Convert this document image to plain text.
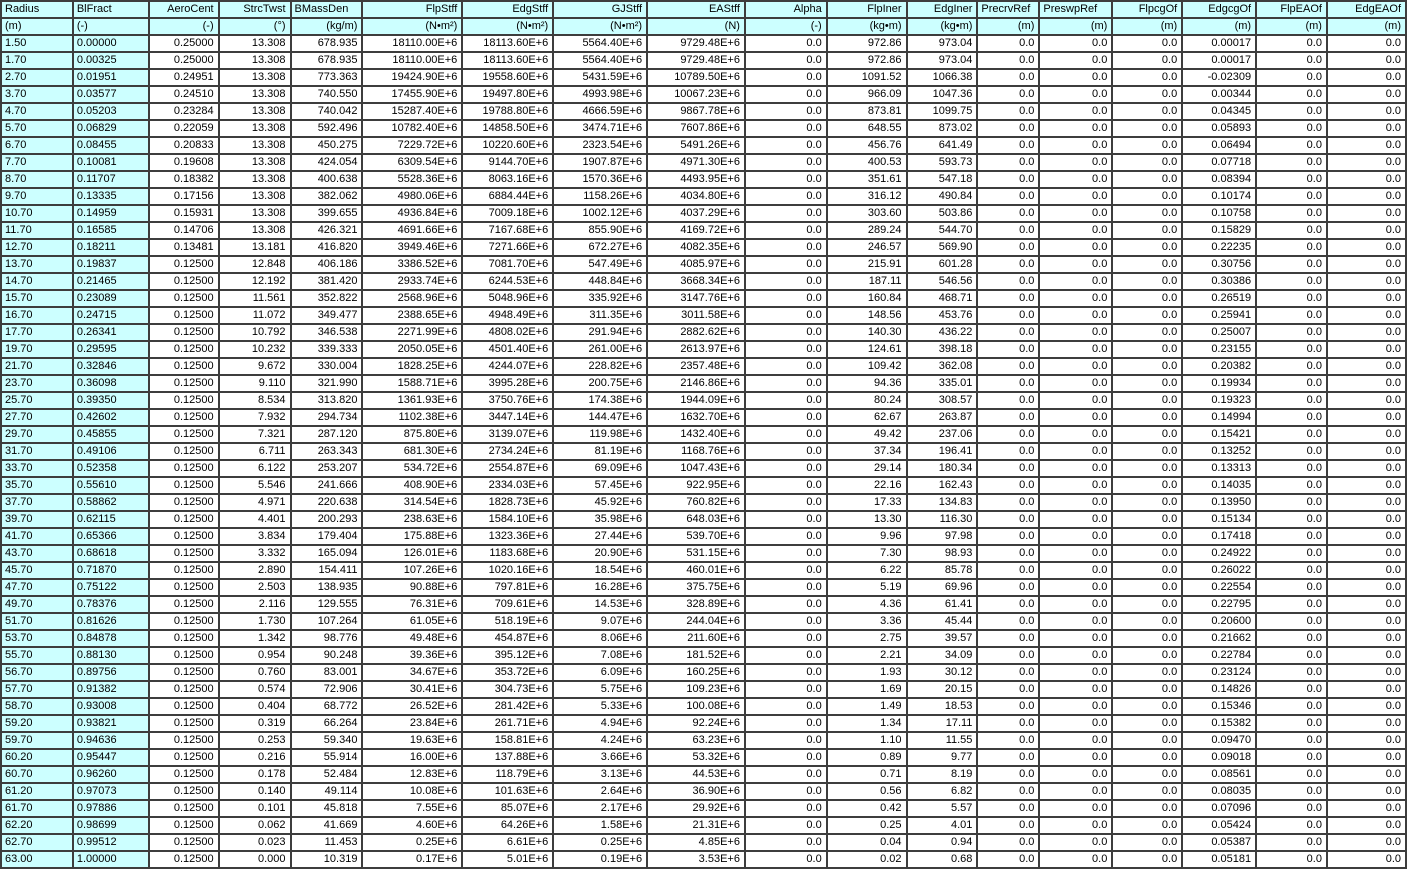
Radius	BlFract	AeroCent	StrcTwst	BMassDen	FlpStff	EdgStff	GJStff	EAStff	Alpha	FlpIner	EdgIner	PrecrvRef	PreswpRef	FlpcgOf	EdgcgOf	FlpEAOf	EdgEAOf
(m)	(-)	(-)	(°)	(kg/m)	(N•m²)	(N•m²)	(N•m²)	(N)	(-)	(kg•m)	(kg•m)	(m)	(m)	(m)	(m)	(m)	(m)
1.50	0.00000	0.25000	13.308	678.935	18110.00E+6	18113.60E+6	5564.40E+6	9729.48E+6	0.0	972.86	973.04	0.0	0.0	0.0	0.00017	0.0	0.0
1.70	0.00325	0.25000	13.308	678.935	18110.00E+6	18113.60E+6	5564.40E+6	9729.48E+6	0.0	972.86	973.04	0.0	0.0	0.0	0.00017	0.0	0.0
2.70	0.01951	0.24951	13.308	773.363	19424.90E+6	19558.60E+6	5431.59E+6	10789.50E+6	0.0	1091.52	1066.38	0.0	0.0	0.0	-0.02309	0.0	0.0
3.70	0.03577	0.24510	13.308	740.550	17455.90E+6	19497.80E+6	4993.98E+6	10067.23E+6	0.0	966.09	1047.36	0.0	0.0	0.0	0.00344	0.0	0.0
4.70	0.05203	0.23284	13.308	740.042	15287.40E+6	19788.80E+6	4666.59E+6	9867.78E+6	0.0	873.81	1099.75	0.0	0.0	0.0	0.04345	0.0	0.0
5.70	0.06829	0.22059	13.308	592.496	10782.40E+6	14858.50E+6	3474.71E+6	7607.86E+6	0.0	648.55	873.02	0.0	0.0	0.0	0.05893	0.0	0.0
6.70	0.08455	0.20833	13.308	450.275	7229.72E+6	10220.60E+6	2323.54E+6	5491.26E+6	0.0	456.76	641.49	0.0	0.0	0.0	0.06494	0.0	0.0
7.70	0.10081	0.19608	13.308	424.054	6309.54E+6	9144.70E+6	1907.87E+6	4971.30E+6	0.0	400.53	593.73	0.0	0.0	0.0	0.07718	0.0	0.0
8.70	0.11707	0.18382	13.308	400.638	5528.36E+6	8063.16E+6	1570.36E+6	4493.95E+6	0.0	351.61	547.18	0.0	0.0	0.0	0.08394	0.0	0.0
9.70	0.13335	0.17156	13.308	382.062	4980.06E+6	6884.44E+6	1158.26E+6	4034.80E+6	0.0	316.12	490.84	0.0	0.0	0.0	0.10174	0.0	0.0
10.70	0.14959	0.15931	13.308	399.655	4936.84E+6	7009.18E+6	1002.12E+6	4037.29E+6	0.0	303.60	503.86	0.0	0.0	0.0	0.10758	0.0	0.0
11.70	0.16585	0.14706	13.308	426.321	4691.66E+6	7167.68E+6	855.90E+6	4169.72E+6	0.0	289.24	544.70	0.0	0.0	0.0	0.15829	0.0	0.0
12.70	0.18211	0.13481	13.181	416.820	3949.46E+6	7271.66E+6	672.27E+6	4082.35E+6	0.0	246.57	569.90	0.0	0.0	0.0	0.22235	0.0	0.0
13.70	0.19837	0.12500	12.848	406.186	3386.52E+6	7081.70E+6	547.49E+6	4085.97E+6	0.0	215.91	601.28	0.0	0.0	0.0	0.30756	0.0	0.0
14.70	0.21465	0.12500	12.192	381.420	2933.74E+6	6244.53E+6	448.84E+6	3668.34E+6	0.0	187.11	546.56	0.0	0.0	0.0	0.30386	0.0	0.0
15.70	0.23089	0.12500	11.561	352.822	2568.96E+6	5048.96E+6	335.92E+6	3147.76E+6	0.0	160.84	468.71	0.0	0.0	0.0	0.26519	0.0	0.0
16.70	0.24715	0.12500	11.072	349.477	2388.65E+6	4948.49E+6	311.35E+6	3011.58E+6	0.0	148.56	453.76	0.0	0.0	0.0	0.25941	0.0	0.0
17.70	0.26341	0.12500	10.792	346.538	2271.99E+6	4808.02E+6	291.94E+6	2882.62E+6	0.0	140.30	436.22	0.0	0.0	0.0	0.25007	0.0	0.0
19.70	0.29595	0.12500	10.232	339.333	2050.05E+6	4501.40E+6	261.00E+6	2613.97E+6	0.0	124.61	398.18	0.0	0.0	0.0	0.23155	0.0	0.0
21.70	0.32846	0.12500	9.672	330.004	1828.25E+6	4244.07E+6	228.82E+6	2357.48E+6	0.0	109.42	362.08	0.0	0.0	0.0	0.20382	0.0	0.0
23.70	0.36098	0.12500	9.110	321.990	1588.71E+6	3995.28E+6	200.75E+6	2146.86E+6	0.0	94.36	335.01	0.0	0.0	0.0	0.19934	0.0	0.0
25.70	0.39350	0.12500	8.534	313.820	1361.93E+6	3750.76E+6	174.38E+6	1944.09E+6	0.0	80.24	308.57	0.0	0.0	0.0	0.19323	0.0	0.0
27.70	0.42602	0.12500	7.932	294.734	1102.38E+6	3447.14E+6	144.47E+6	1632.70E+6	0.0	62.67	263.87	0.0	0.0	0.0	0.14994	0.0	0.0
29.70	0.45855	0.12500	7.321	287.120	875.80E+6	3139.07E+6	119.98E+6	1432.40E+6	0.0	49.42	237.06	0.0	0.0	0.0	0.15421	0.0	0.0
31.70	0.49106	0.12500	6.711	263.343	681.30E+6	2734.24E+6	81.19E+6	1168.76E+6	0.0	37.34	196.41	0.0	0.0	0.0	0.13252	0.0	0.0
33.70	0.52358	0.12500	6.122	253.207	534.72E+6	2554.87E+6	69.09E+6	1047.43E+6	0.0	29.14	180.34	0.0	0.0	0.0	0.13313	0.0	0.0
35.70	0.55610	0.12500	5.546	241.666	408.90E+6	2334.03E+6	57.45E+6	922.95E+6	0.0	22.16	162.43	0.0	0.0	0.0	0.14035	0.0	0.0
37.70	0.58862	0.12500	4.971	220.638	314.54E+6	1828.73E+6	45.92E+6	760.82E+6	0.0	17.33	134.83	0.0	0.0	0.0	0.13950	0.0	0.0
39.70	0.62115	0.12500	4.401	200.293	238.63E+6	1584.10E+6	35.98E+6	648.03E+6	0.0	13.30	116.30	0.0	0.0	0.0	0.15134	0.0	0.0
41.70	0.65366	0.12500	3.834	179.404	175.88E+6	1323.36E+6	27.44E+6	539.70E+6	0.0	9.96	97.98	0.0	0.0	0.0	0.17418	0.0	0.0
43.70	0.68618	0.12500	3.332	165.094	126.01E+6	1183.68E+6	20.90E+6	531.15E+6	0.0	7.30	98.93	0.0	0.0	0.0	0.24922	0.0	0.0
45.70	0.71870	0.12500	2.890	154.411	107.26E+6	1020.16E+6	18.54E+6	460.01E+6	0.0	6.22	85.78	0.0	0.0	0.0	0.26022	0.0	0.0
47.70	0.75122	0.12500	2.503	138.935	90.88E+6	797.81E+6	16.28E+6	375.75E+6	0.0	5.19	69.96	0.0	0.0	0.0	0.22554	0.0	0.0
49.70	0.78376	0.12500	2.116	129.555	76.31E+6	709.61E+6	14.53E+6	328.89E+6	0.0	4.36	61.41	0.0	0.0	0.0	0.22795	0.0	0.0
51.70	0.81626	0.12500	1.730	107.264	61.05E+6	518.19E+6	9.07E+6	244.04E+6	0.0	3.36	45.44	0.0	0.0	0.0	0.20600	0.0	0.0
53.70	0.84878	0.12500	1.342	98.776	49.48E+6	454.87E+6	8.06E+6	211.60E+6	0.0	2.75	39.57	0.0	0.0	0.0	0.21662	0.0	0.0
55.70	0.88130	0.12500	0.954	90.248	39.36E+6	395.12E+6	7.08E+6	181.52E+6	0.0	2.21	34.09	0.0	0.0	0.0	0.22784	0.0	0.0
56.70	0.89756	0.12500	0.760	83.001	34.67E+6	353.72E+6	6.09E+6	160.25E+6	0.0	1.93	30.12	0.0	0.0	0.0	0.23124	0.0	0.0
57.70	0.91382	0.12500	0.574	72.906	30.41E+6	304.73E+6	5.75E+6	109.23E+6	0.0	1.69	20.15	0.0	0.0	0.0	0.14826	0.0	0.0
58.70	0.93008	0.12500	0.404	68.772	26.52E+6	281.42E+6	5.33E+6	100.08E+6	0.0	1.49	18.53	0.0	0.0	0.0	0.15346	0.0	0.0
59.20	0.93821	0.12500	0.319	66.264	23.84E+6	261.71E+6	4.94E+6	92.24E+6	0.0	1.34	17.11	0.0	0.0	0.0	0.15382	0.0	0.0
59.70	0.94636	0.12500	0.253	59.340	19.63E+6	158.81E+6	4.24E+6	63.23E+6	0.0	1.10	11.55	0.0	0.0	0.0	0.09470	0.0	0.0
60.20	0.95447	0.12500	0.216	55.914	16.00E+6	137.88E+6	3.66E+6	53.32E+6	0.0	0.89	9.77	0.0	0.0	0.0	0.09018	0.0	0.0
60.70	0.96260	0.12500	0.178	52.484	12.83E+6	118.79E+6	3.13E+6	44.53E+6	0.0	0.71	8.19	0.0	0.0	0.0	0.08561	0.0	0.0
61.20	0.97073	0.12500	0.140	49.114	10.08E+6	101.63E+6	2.64E+6	36.90E+6	0.0	0.56	6.82	0.0	0.0	0.0	0.08035	0.0	0.0
61.70	0.97886	0.12500	0.101	45.818	7.55E+6	85.07E+6	2.17E+6	29.92E+6	0.0	0.42	5.57	0.0	0.0	0.0	0.07096	0.0	0.0
62.20	0.98699	0.12500	0.062	41.669	4.60E+6	64.26E+6	1.58E+6	21.31E+6	0.0	0.25	4.01	0.0	0.0	0.0	0.05424	0.0	0.0
62.70	0.99512	0.12500	0.023	11.453	0.25E+6	6.61E+6	0.25E+6	4.85E+6	0.0	0.04	0.94	0.0	0.0	0.0	0.05387	0.0	0.0
63.00	1.00000	0.12500	0.000	10.319	0.17E+6	5.01E+6	0.19E+6	3.53E+6	0.0	0.02	0.68	0.0	0.0	0.0	0.05181	0.0	0.0
